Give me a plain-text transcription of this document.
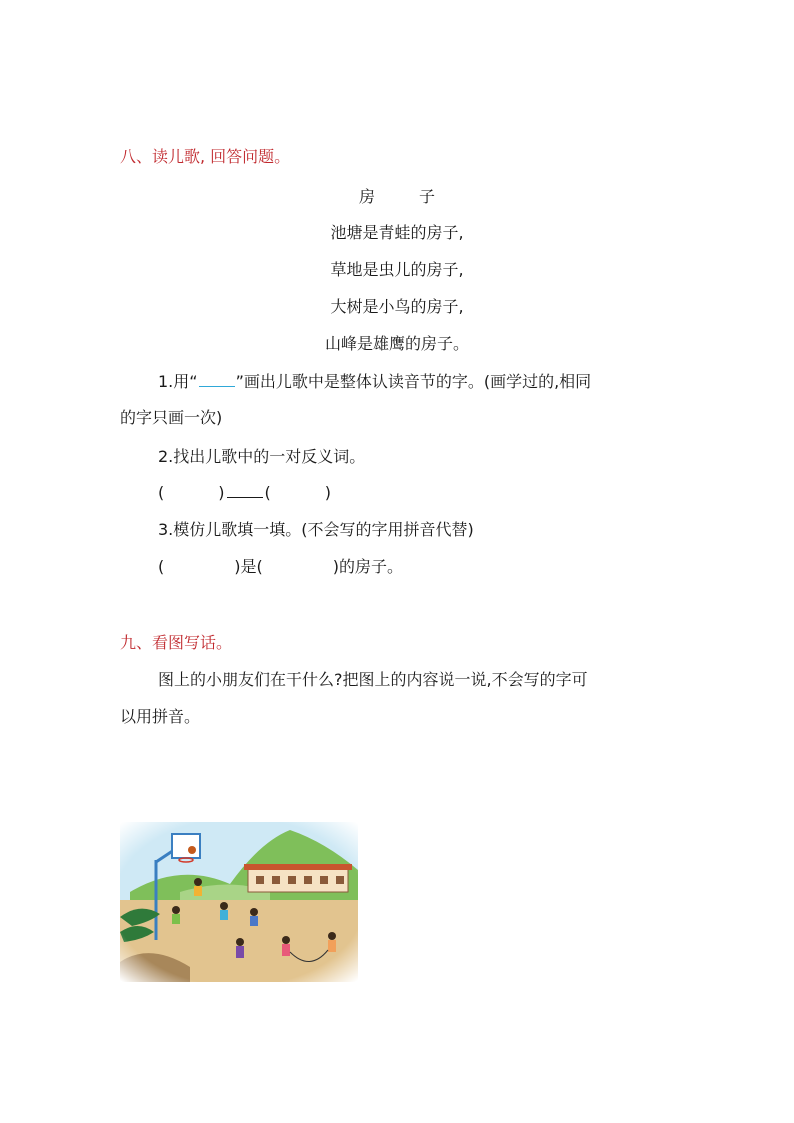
八、读儿歌, 回答问题。
房	子
池塘是青蛙的房子,
草地是虫儿的房子,
大树是小鸟的房子,
山峰是雄鹰的房子。
1.用“ ”画出儿歌中是整体认读音节的字。(画学过的,相同
的字只画一次)
2.找出儿歌中的一对反义词。
(	)	(	)
3.模仿儿歌填一填。(不会写的字用拼音代替)
(	)是(	)的房子。
九、看图写话。
图上的小朋友们在干什么?把图上的内容说一说,不会写的字可
以用拼音。
